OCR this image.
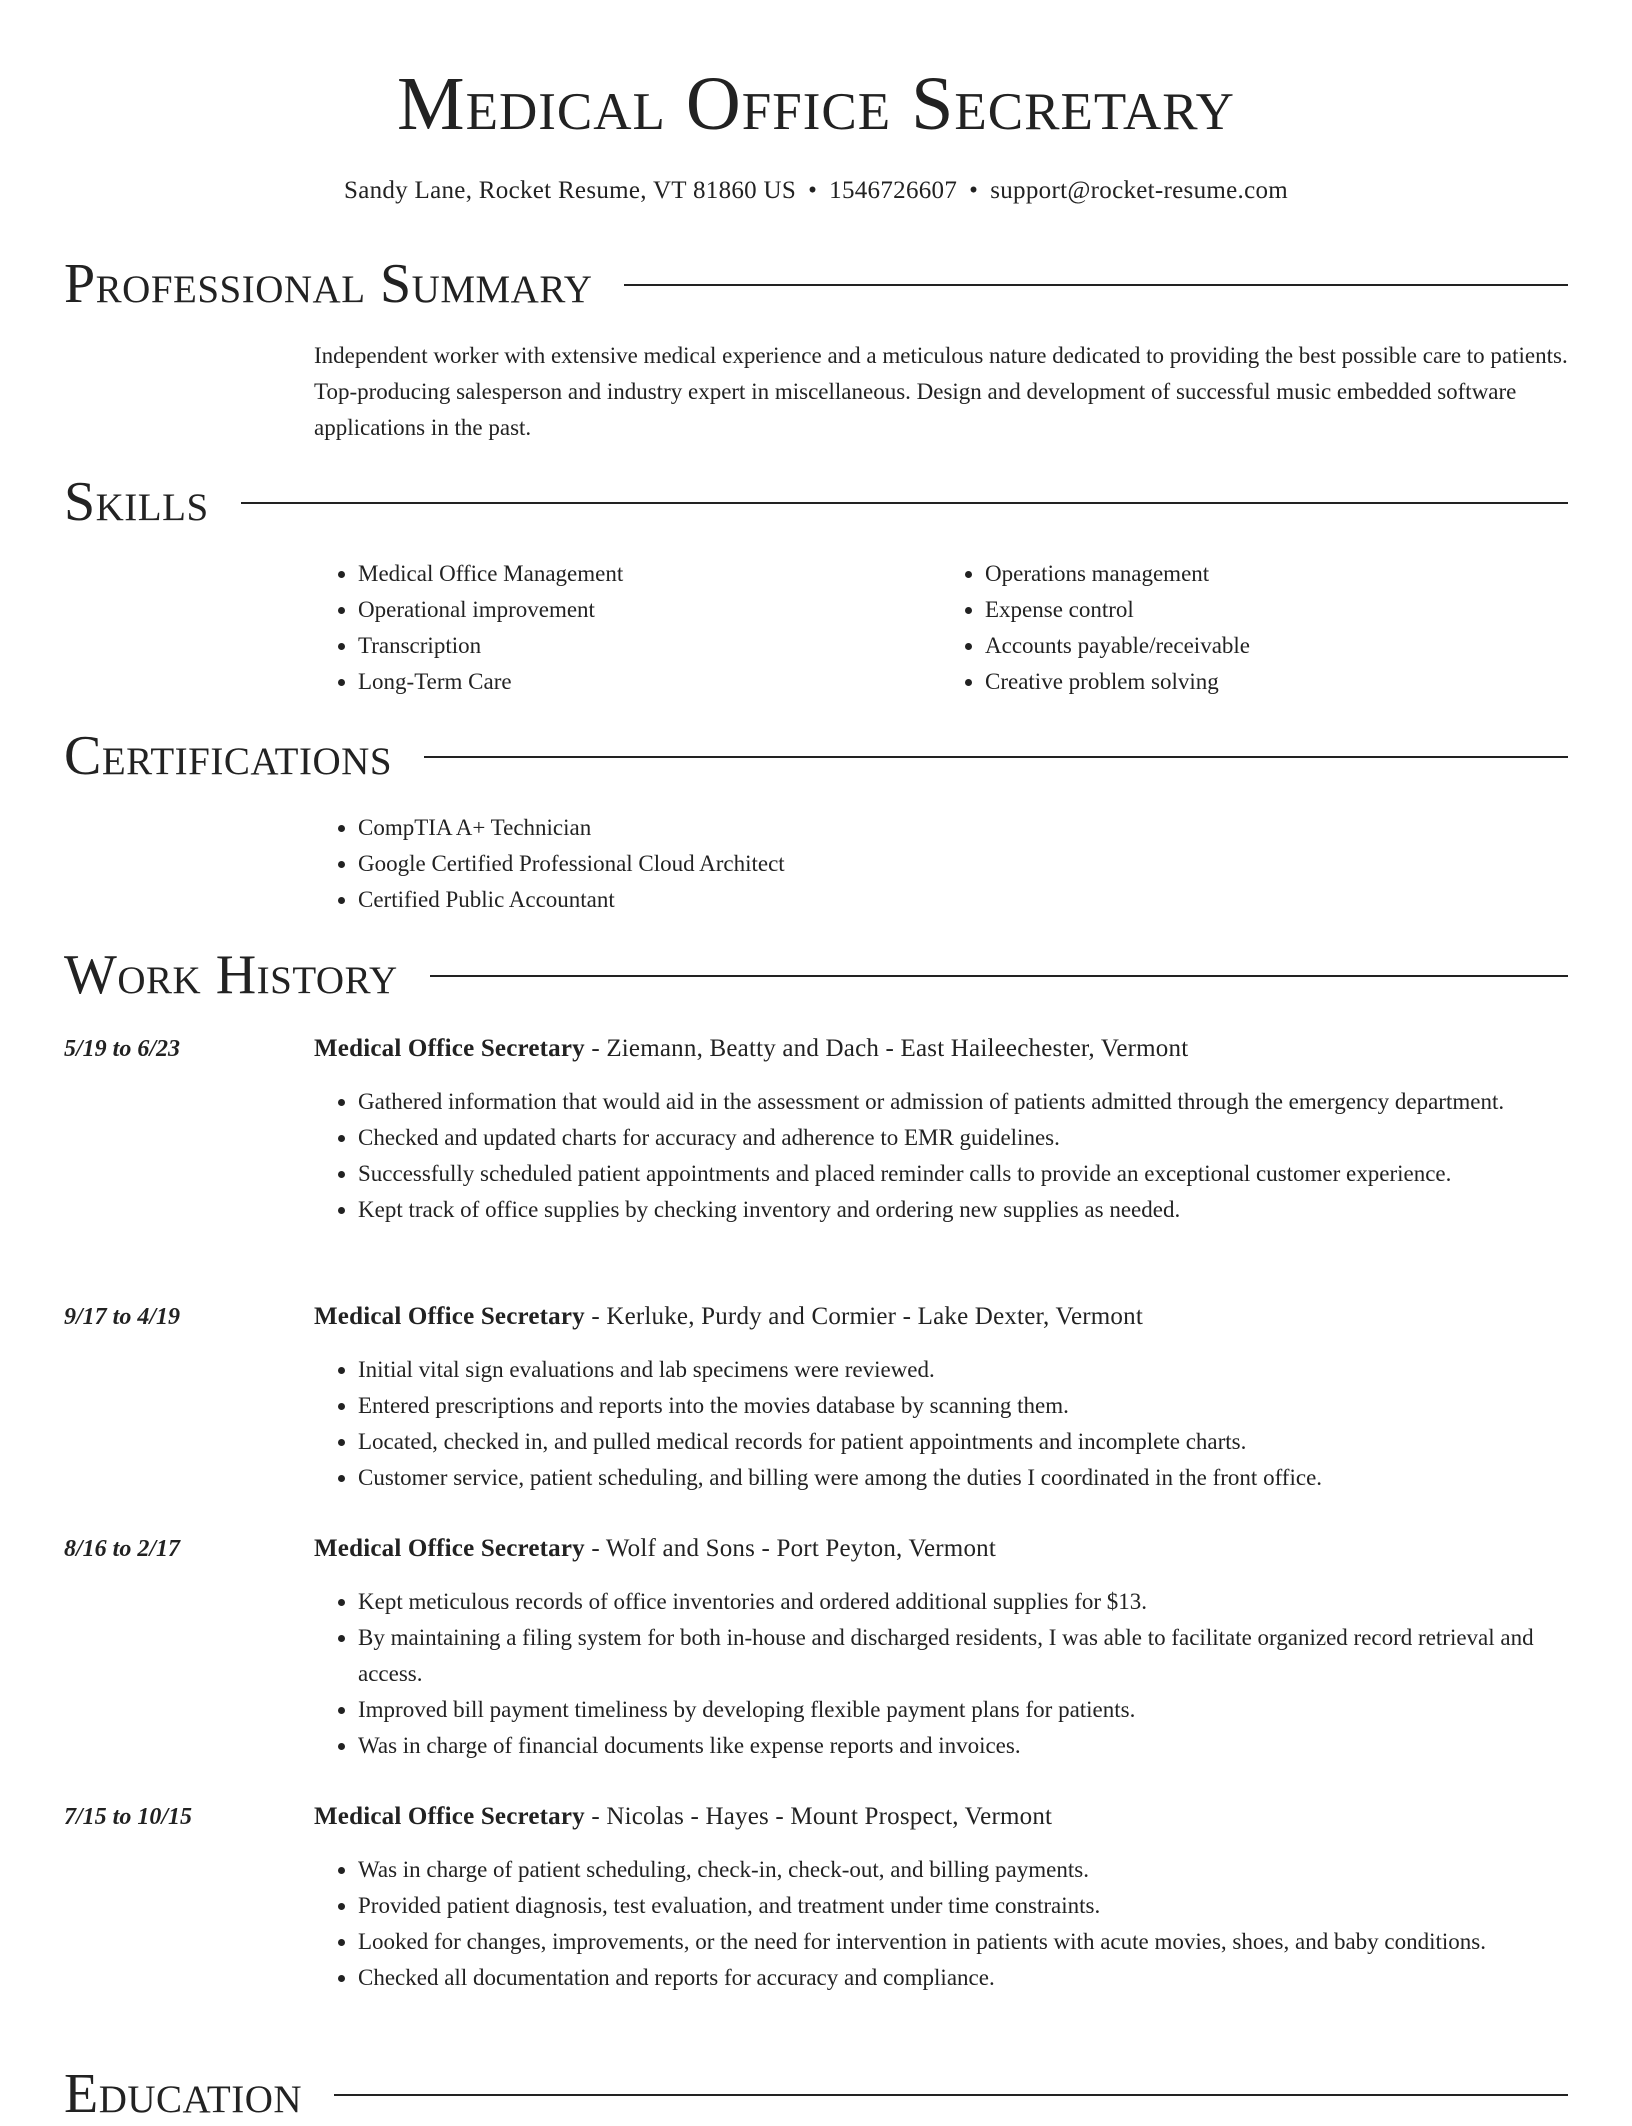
Medical Office Secretary
Sandy Lane, Rocket Resume, VT 81860 US • 1546726607 • support@rocket-resume.com
Professional Summary

Independent worker with extensive medical experience and a meticulous nature dedicated to providing the best possible care to patients. Top-producing salesperson and industry expert in miscellaneous. Design and development of successful music embedded software applications in the past.

Skills
• Medical Office Management
• Operational improvement
• Transcription
• Long-Term Care
• Operations management
• Expense control
• Accounts payable/receivable
• Creative problem solving
Certifications
• CompTIA A+ Technician
• Google Certified Professional Cloud Architect
• Certified Public Accountant
Work History
5/19 to 6/23	Medical Office Secretary - Ziemann, Beatty and Dach - East Haileechester, Vermont
• Gathered information that would aid in the assessment or admission of patients admitted through the emergency department.
• Checked and updated charts for accuracy and adherence to EMR guidelines.
• Successfully scheduled patient appointments and placed reminder calls to provide an exceptional customer experience.
• Kept track of office supplies by checking inventory and ordering new supplies as needed.
9/17 to 4/19	Medical Office Secretary - Kerluke, Purdy and Cormier - Lake Dexter, Vermont
• Initial vital sign evaluations and lab specimens were reviewed.
• Entered prescriptions and reports into the movies database by scanning them.
• Located, checked in, and pulled medical records for patient appointments and incomplete charts.
• Customer service, patient scheduling, and billing were among the duties I coordinated in the front office.
8/16 to 2/17	Medical Office Secretary - Wolf and Sons - Port Peyton, Vermont
• Kept meticulous records of office inventories and ordered additional supplies for $13.
• By maintaining a filing system for both in-house and discharged residents, I was able to facilitate organized record retrieval and access.
• Improved bill payment timeliness by developing flexible payment plans for patients.
• Was in charge of financial documents like expense reports and invoices.
7/15 to 10/15	Medical Office Secretary - Nicolas - Hayes - Mount Prospect, Vermont
• Was in charge of patient scheduling, check-in, check-out, and billing payments.
• Provided patient diagnosis, test evaluation, and treatment under time constraints.
• Looked for changes, improvements, or the need for intervention in patients with acute movies, shoes, and baby conditions.
• Checked all documentation and reports for accuracy and compliance.
Education
